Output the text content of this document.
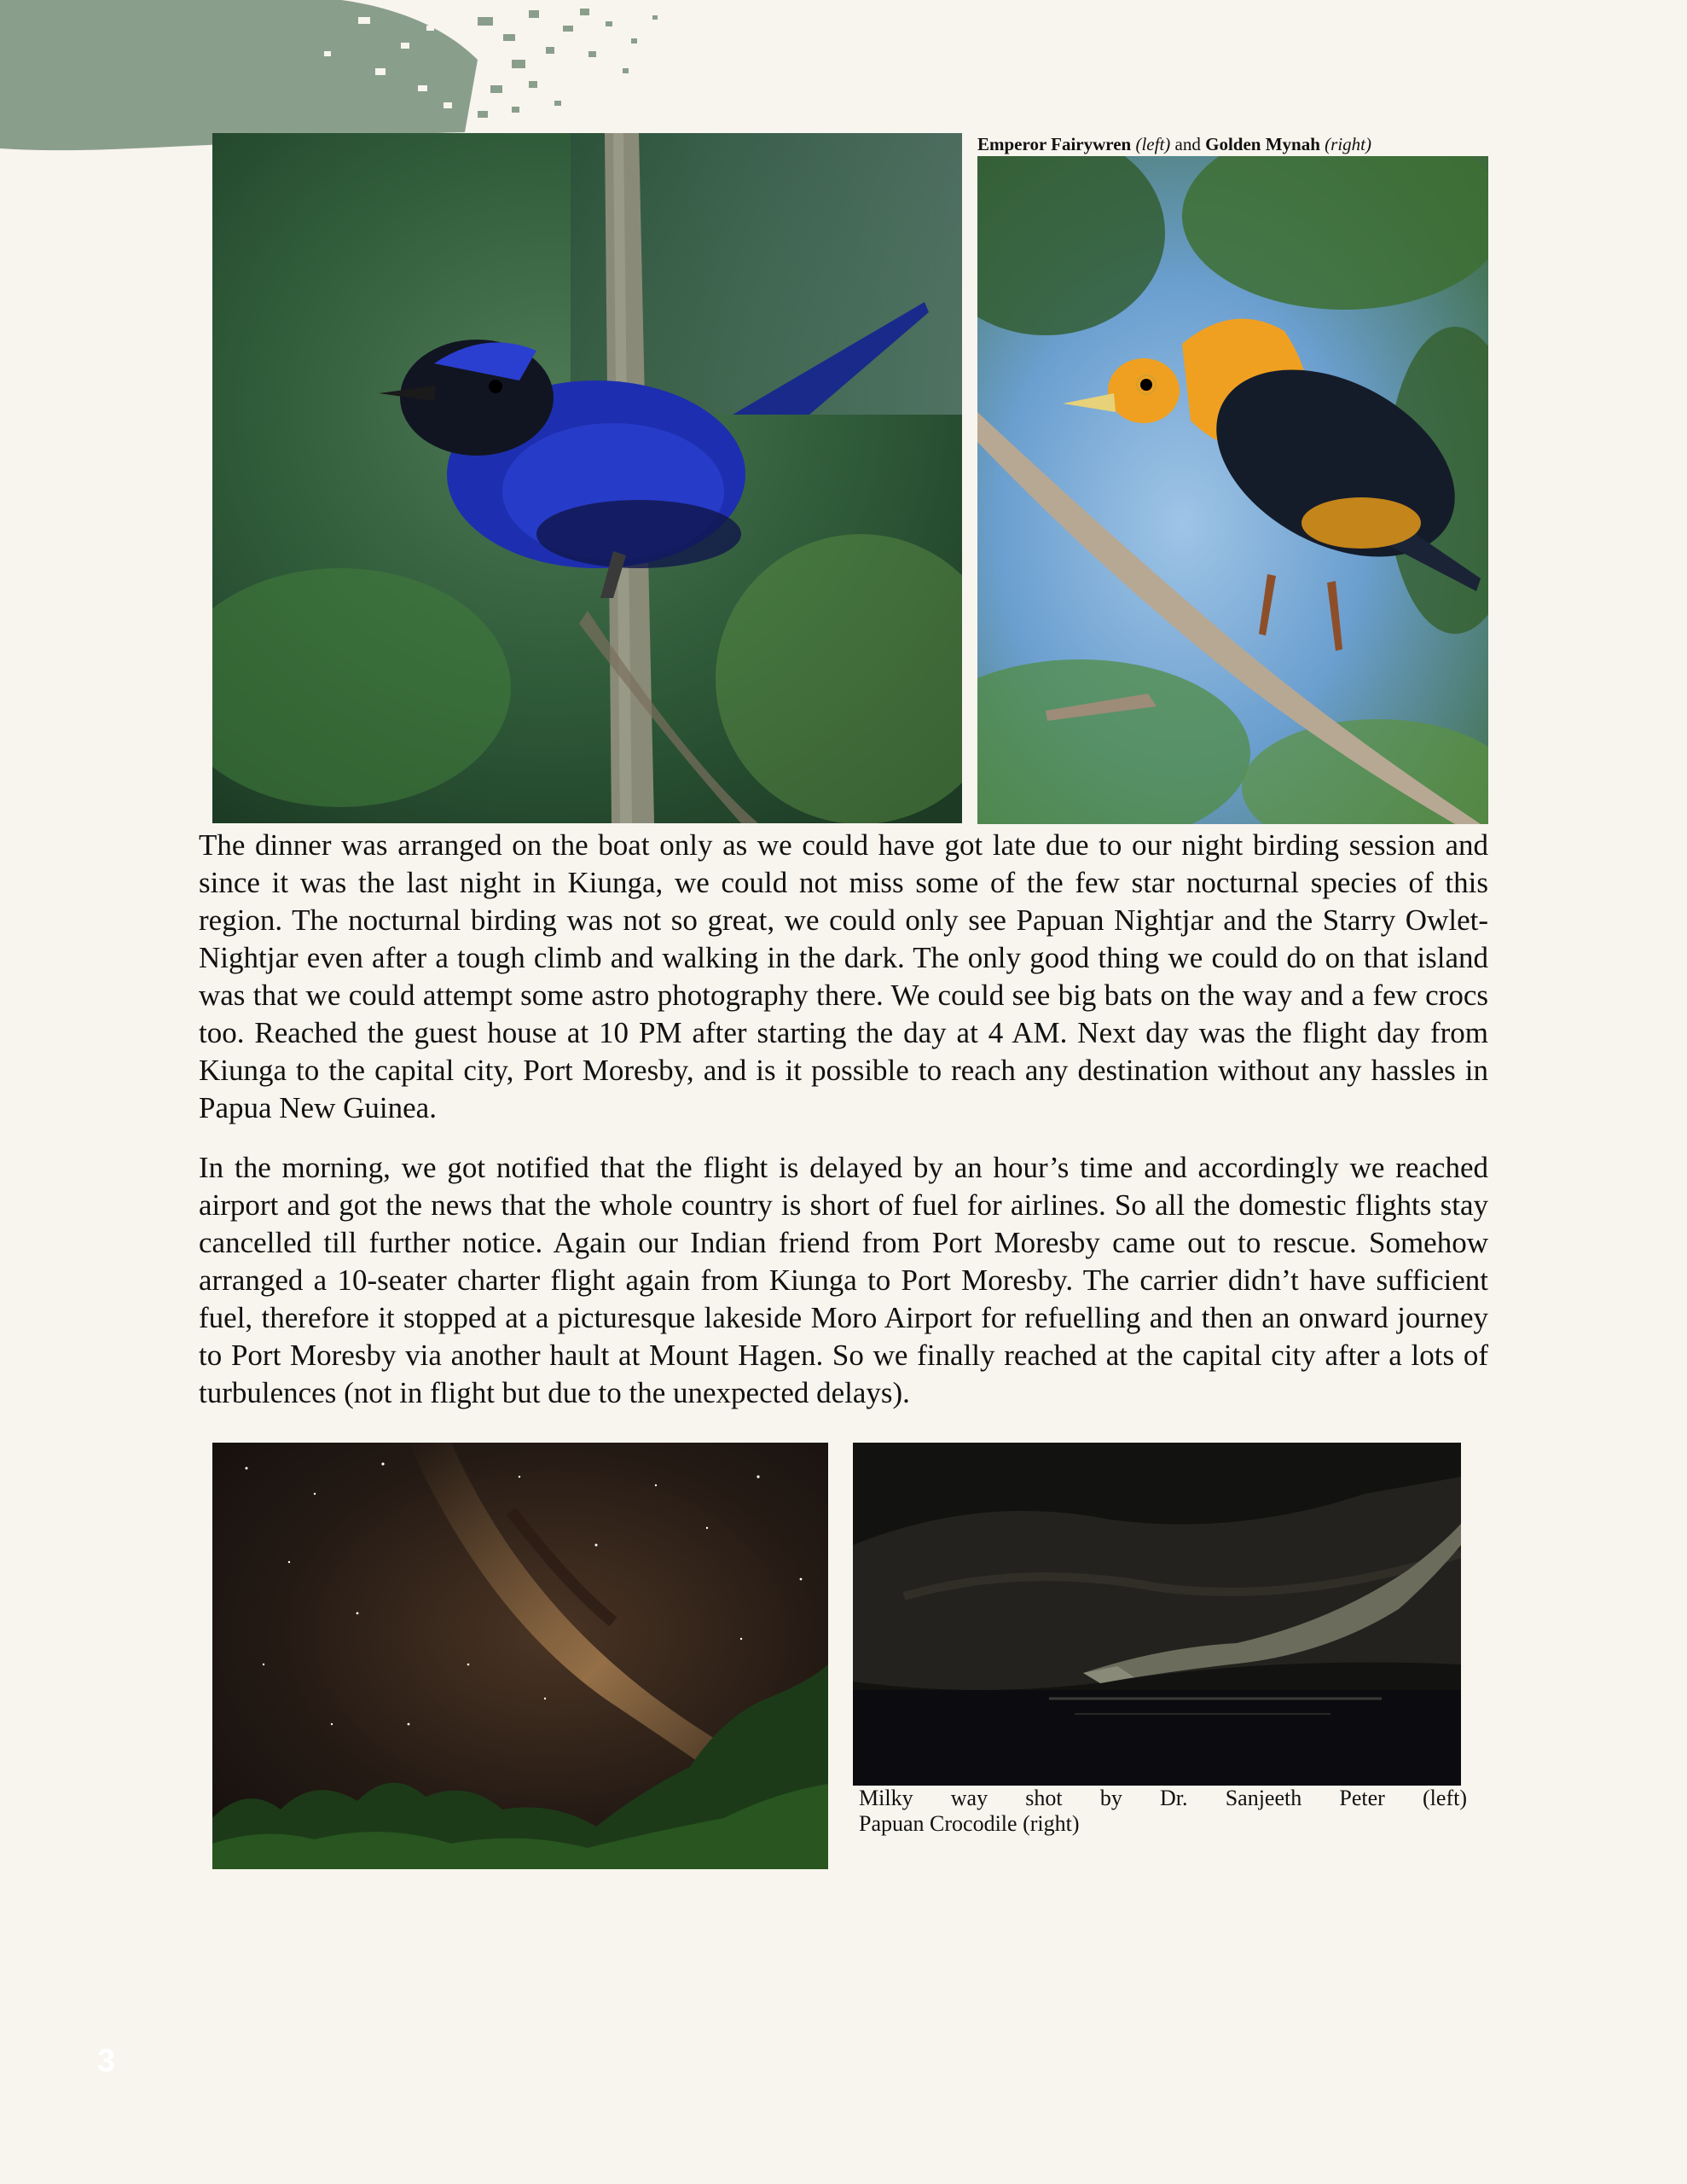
Emperor Fairywren (left) and Golden Mynah (right)

The dinner was arranged on the boat only as we could have got late due to our night birding session and since it was the last night in Kiunga, we could not miss some of the few star nocturnal species of this region. The nocturnal birding was not so great, we could only see Papuan Nightjar and the Starry Owlet-Nightjar even after a tough climb and walking in the dark. The only good thing we could do on that island was that we could attempt some astro photography there. We could see big bats on the way and a few crocs too. Reached the guest house at 10 PM after starting the day at 4 AM. Next day was the flight day from Kiunga to the capital city, Port Moresby, and is it possible to reach any destination without any hassles in Papua New Guinea.

In the morning, we got notified that the flight is delayed by an hour’s time and accordingly we reached airport and got the news that the whole country is short of fuel for airlines. So all the domestic flights stay cancelled till further notice. Again our Indian friend from Port Moresby came out to rescue. Somehow arranged a 10-seater charter flight again from Kiunga to Port Moresby. The carrier didn’t have sufficient fuel, therefore it stopped at a picturesque lakeside Moro Airport for refuelling and then an onward journey to Port Moresby via another hault at Mount Hagen. So we finally reached at the capital city after a lots of turbulences (not in flight but due to the unexpected delays).

Milky way shot by Dr. Sanjeeth Peter (left)
Papuan Crocodile (right)
3
